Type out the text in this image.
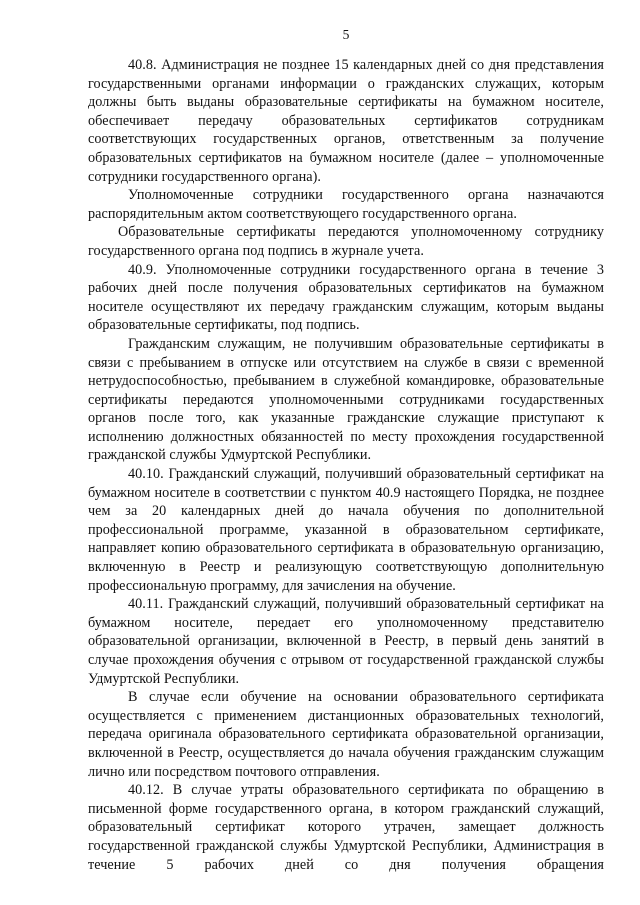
5

40.8. Администрация не позднее 15 календарных дней со дня представления государственными органами информации о гражданских служащих, которым должны быть выданы образовательные сертификаты на бумажном носителе, обеспечивает передачу образовательных сертификатов сотрудникам соответствующих государственных органов, ответственным за получение образовательных сертификатов на бумажном носителе (далее – уполномоченные сотрудники государственного органа).

Уполномоченные сотрудники государственного органа назначаются распорядительным актом соответствующего государственного органа.

Образовательные сертификаты передаются уполномоченному сотруднику государственного органа под подпись в журнале учета.

40.9. Уполномоченные сотрудники государственного органа в течение 3 рабочих дней после получения образовательных сертификатов на бумажном носителе осуществляют их передачу гражданским служащим, которым выданы образовательные сертификаты, под подпись.

Гражданским служащим, не получившим образовательные сертификаты в связи с пребыванием в отпуске или отсутствием на службе в связи с временной нетрудоспособностью, пребыванием в служебной командировке, образовательные сертификаты передаются уполномоченными сотрудниками государственных органов после того, как указанные гражданские служащие приступают к исполнению должностных обязанностей по месту прохождения государственной гражданской службы Удмуртской Республики.

40.10. Гражданский служащий, получивший образовательный сертификат на бумажном носителе в соответствии с пунктом 40.9 настоящего Порядка, не позднее чем за 20 календарных дней до начала обучения по дополнительной профессиональной программе, указанной в образовательном сертификате, направляет копию образовательного сертификата в образовательную организацию, включенную в Реестр и реализующую соответствующую дополнительную профессиональную программу, для зачисления на обучение.

40.11. Гражданский служащий, получивший образовательный сертификат на бумажном носителе, передает его уполномоченному представителю образовательной организации, включенной в Реестр, в первый день занятий в случае прохождения обучения с отрывом от государственной гражданской службы Удмуртской Республики.

В случае если обучение на основании образовательного сертификата осуществляется с применением дистанционных образовательных технологий, передача оригинала образовательного сертификата образовательной организации, включенной в Реестр, осуществляется до начала обучения гражданским служащим лично или посредством почтового отправления.

40.12. В случае утраты образовательного сертификата по обращению в письменной форме государственного органа, в котором гражданский служащий, образовательный сертификат которого утрачен, замещает должность государственной гражданской службы Удмуртской Республики, Администрация в течение 5 рабочих дней со дня получения обращения
